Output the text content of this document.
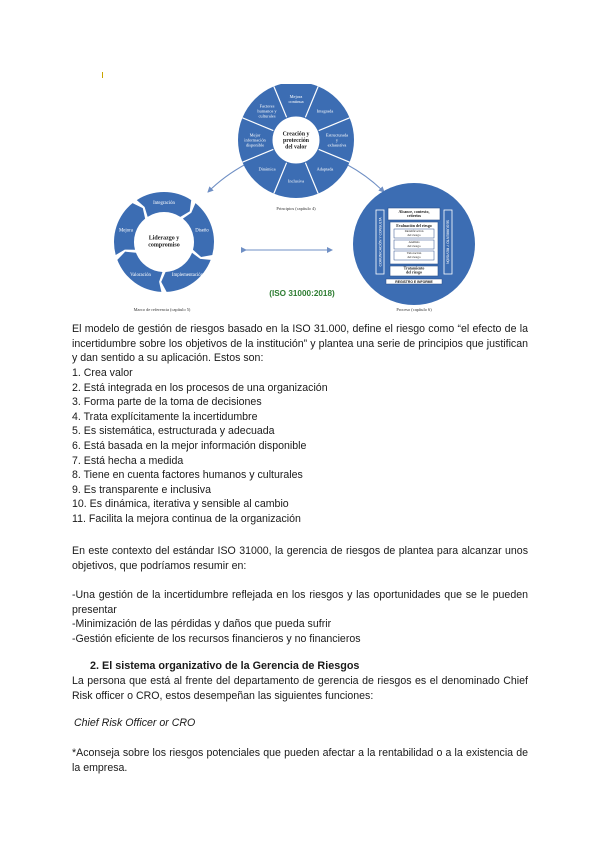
Creación y protección del valor
Mejora continua
Integrada
Estructurada y exhaustiva
Adaptada
Inclusiva
Dinámica
Mejor información disponible
Factores humanos y culturales
Principios (capítulo 4)
Liderazgo y compromiso
Integración
Diseño
Implementación
Valoración
Mejora
Marco de referencia (capítulo 5)
COMUNICACIÓN Y CONSULTA	SEGUIMIENTO Y REVISIÓN
Alcance, contexto, criterios
Evaluación del riesgo
Identificación del riesgo
Análisis del riesgo
Valoración del riesgo
Tratamiento del riesgo
REGISTRO E INFORME
Proceso (capítulo 6)
(ISO 31000:2018)
El modelo de gestión de riesgos basado en la ISO 31.000, define el riesgo como “el efecto de la incertidumbre sobre los objetivos de la institución” y plantea una serie de principios que justifican y dan sentido a su aplicación. Estos son:
1. Crea valor
2. Está integrada en los procesos de una organización
3. Forma parte de la toma de decisiones
4. Trata explícitamente la incertidumbre
5. Es sistemática, estructurada y adecuada
6. Está basada en la mejor información disponible
7. Está hecha a medida
8. Tiene en cuenta factores humanos y culturales
9. Es transparente e inclusiva
10. Es dinámica, iterativa y sensible al cambio
11. Facilita la mejora continua de la organización
En este contexto del estándar ISO 31000, la gerencia de riesgos de plantea para alcanzar unos objetivos, que podríamos resumir en:
-Una gestión de la incertidumbre reflejada en los riesgos y las oportunidades que se le pueden presentar
-Minimización de las pérdidas y daños que pueda sufrir
-Gestión eficiente de los recursos financieros y no financieros
2. El sistema organizativo de la Gerencia de Riesgos
La persona que está al frente del departamento de gerencia de riesgos es el denominado Chief Risk officer o CRO, estos desempeñan las siguientes funciones:
Chief Risk Officer or CRO
*Aconseja sobre los riesgos potenciales que pueden afectar a la rentabilidad o a la existencia de la empresa.
